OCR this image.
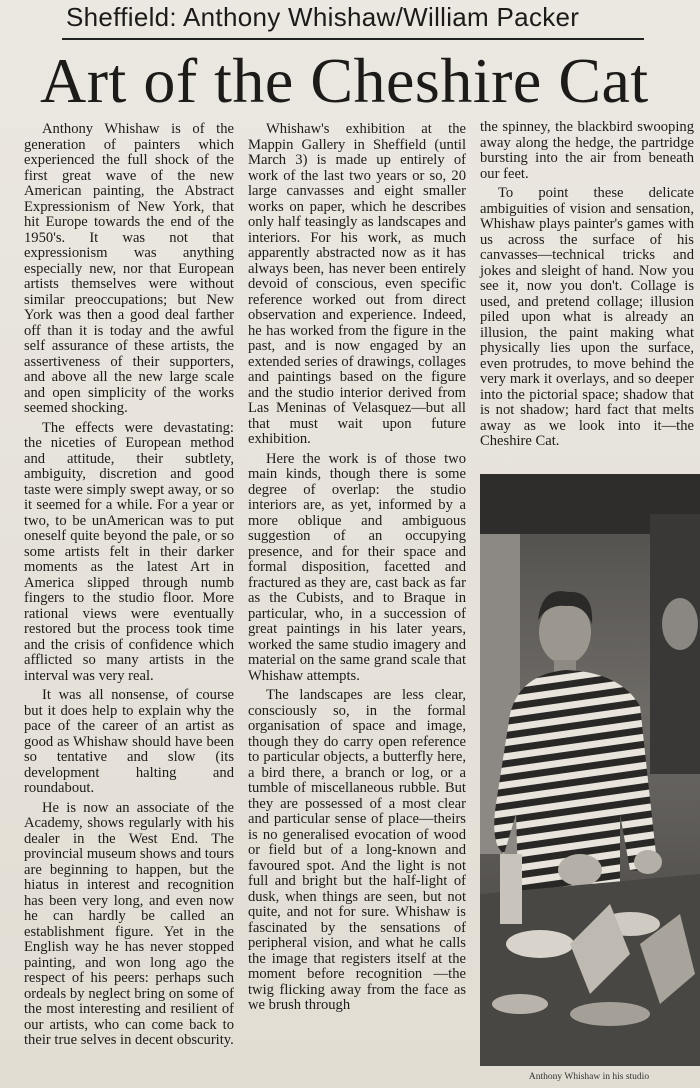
Sheffield: Anthony Whishaw/William Packer
Art of the Cheshire Cat

Anthony Whishaw is of the generation of painters which experienced the full shock of the first great wave of the new American painting, the Abstract Expressionism of New York, that hit Europe towards the end of the 1950's. It was not that expressionism was anything especially new, nor that European artists themselves were without similar preoccupations; but New York was then a good deal farther off than it is today and the awful self assurance of these artists, the assertiveness of their supporters, and above all the new large scale and open simplicity of the works seemed shocking.

The effects were devastating: the niceties of European method and attitude, their subtlety, ambiguity, discretion and good taste were simply swept away, or so it seemed for a while. For a year or two, to be unAmerican was to put oneself quite beyond the pale, or so some artists felt in their darker moments as the latest Art in America slipped through numb fingers to the studio floor. More rational views were eventually restored but the process took time and the crisis of confidence which afflicted so many artists in the interval was very real.

It was all nonsense, of course but it does help to explain why the pace of the career of an artist as good as Whishaw should have been so tentative and slow (its development halting and roundabout.

He is now an associate of the Academy, shows regularly with his dealer in the West End. The provincial museum shows and tours are beginning to happen, but the hiatus in interest and recognition has been very long, and even now he can hardly be called an establishment figure. Yet in the English way he has never stopped painting, and won long ago the respect of his peers: perhaps such ordeals by neglect bring on some of the most interesting and resilient of our artists, who can come back to their true selves in decent obscurity.

Whishaw's exhibition at the Mappin Gallery in Sheffield (until March 3) is made up entirely of work of the last two years or so, 20 large canvasses and eight smaller works on paper, which he describes only half teasingly as landscapes and interiors. For his work, as much apparently abstracted now as it has always been, has never been entirely devoid of conscious, even specific reference worked out from direct observation and experience. Indeed, he has worked from the figure in the past, and is now engaged by an extended series of drawings, collages and paintings based on the figure and the studio interior derived from Las Meninas of Velasquez—but all that must wait upon future exhibition.

Here the work is of those two main kinds, though there is some degree of overlap: the studio interiors are, as yet, informed by a more oblique and ambiguous suggestion of an occupying presence, and for their space and formal disposition, facetted and fractured as they are, cast back as far as the Cubists, and to Braque in particular, who, in a succession of great paintings in his later years, worked the same studio imagery and material on the same grand scale that Whishaw attempts.

The landscapes are less clear, consciously so, in the formal organisation of space and image, though they do carry open reference to particular objects, a butterfly here, a bird there, a branch or log, or a tumble of miscellaneous rubble. But they are possessed of a most clear and particular sense of place—theirs is no generalised evocation of wood or field but of a long-known and favoured spot. And the light is not full and bright but the half-light of dusk, when things are seen, but not quite, and not for sure. Whishaw is fascinated by the sensations of peripheral vision, and what he calls the image that registers itself at the moment before recognition —the twig flicking away from the face as we brush through

the spinney, the blackbird swooping away along the hedge, the partridge bursting into the air from beneath our feet.

To point these delicate ambiguities of vision and sensation, Whishaw plays painter's games with us across the surface of his canvasses—technical tricks and jokes and sleight of hand. Now you see it, now you don't. Collage is used, and pretend collage; illusion piled upon what is already an illusion, the paint making what physically lies upon the surface, even protrudes, to move behind the very mark it overlays, and so deeper into the pictorial space; shadow that is not shadow; hard fact that melts away as we look into it—the Cheshire Cat.

Anthony Whishaw in his studio
